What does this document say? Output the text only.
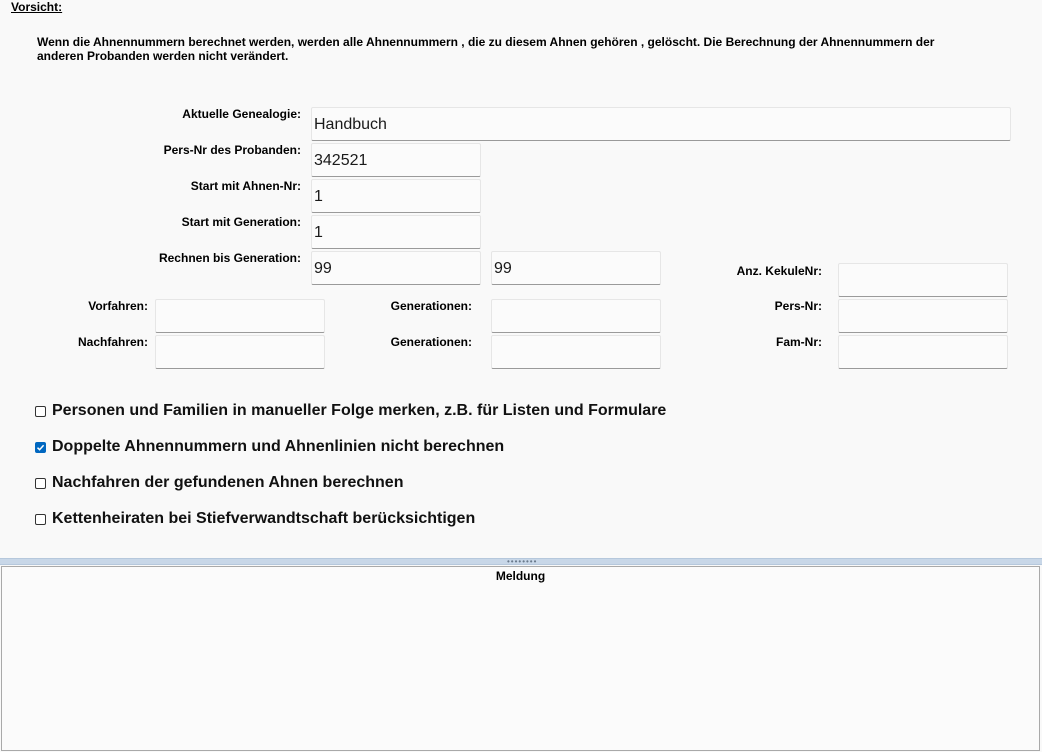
Vorsicht:
Wenn die Ahnennummern berechnet werden, werden alle Ahnennummern , die zu diesem Ahnen gehören , gelöscht. Die Berechnung der Ahnennummern der anderen Probanden werden nicht verändert.
Aktuelle Genealogie:
Handbuch
Pers-Nr des Probanden:
342521
Start mit Ahnen-Nr:
1
Start mit Generation:
1
Rechnen bis Generation:
99
99
Anz. KekuleNr:
Vorfahren:	Generationen:	Pers-Nr:
Nachfahren:	Generationen:	Fam-Nr:
Personen und Familien in manueller Folge merken, z.B. für Listen und Formulare
Doppelte Ahnennummern und Ahnenlinien nicht berechnen
Nachfahren der gefundenen Ahnen berechnen
Kettenheiraten bei Stiefverwandtschaft berücksichtigen
••••••••
Meldung
